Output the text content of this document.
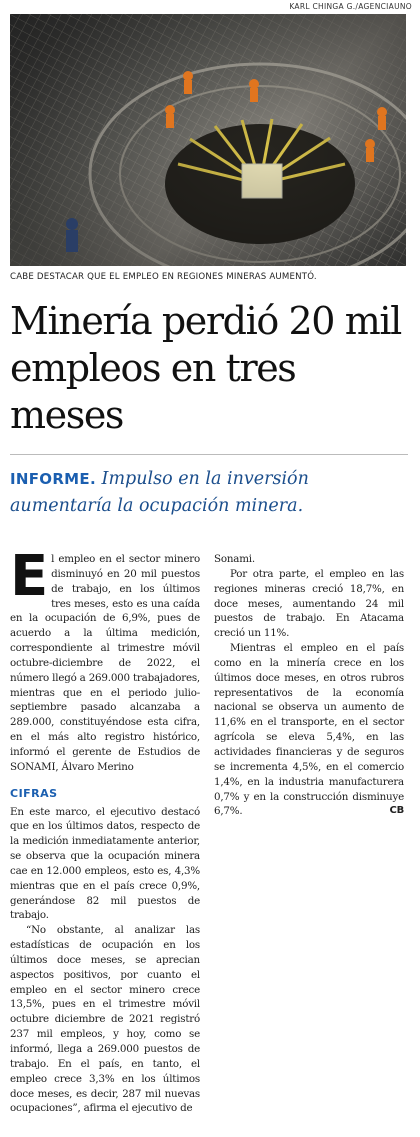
KARL CHINGA G./AGENCIAUNO
CABE DESTACAR QUE EL EMPLEO EN REGIONES MINERAS AUMENTÓ.
Minería perdió 20 mil empleos en tres meses
INFORME. Impulso en la inversión aumentaría la ocupación minera.

El empleo en el sector minero disminuyó en 20 mil puestos de trabajo, en los últimos tres meses, esto es una caída en la ocupación de 6,9%, pues de acuerdo a la última medición, correspondiente al trimestre móvil octubre-diciembre de 2022, el número llegó a 269.000 trabajadores, mientras que en el periodo julio-septiembre pasado alcanzaba a 289.000, constituyéndose esta cifra, en el más alto registro histórico, informó el gerente de Estudios de SONAMI, Álvaro Merino

CIFRAS

En este marco, el ejecutivo destacó que en los últimos datos, respecto de la medición inmediatamente anterior, se observa que la ocupación minera cae en 12.000 empleos, esto es, 4,3% mientras que en el país crece 0,9%, generándose 82 mil puestos de trabajo.

“No obstante, al analizar las estadísticas de ocupación en los últimos doce meses, se aprecian aspectos positivos, por cuanto el empleo en el sector minero crece 13,5%, pues en el trimestre móvil octubre diciembre de 2021 registró 237 mil empleos, y hoy, como se informó, llega a 269.000 puestos de trabajo. En el país, en tanto, el empleo crece 3,3% en los últimos doce meses, es decir, 287 mil nuevas ocupaciones”, afirma el ejecutivo de

Sonami.

Por otra parte, el empleo en las regiones mineras creció 18,7%, en doce meses, aumentando 24 mil puestos de trabajo. En Atacama creció un 11%.

Mientras el empleo en el país como en la minería crece en los últimos doce meses, en otros rubros representativos de la economía nacional se observa un aumento de 11,6% en el transporte, en el sector agrícola se eleva 5,4%, en las actividades financieras y de seguros se incrementa 4,5%, en el comercio 1,4%, en la industria manufacturera 0,7% y en la construcción disminuye 6,7%.	CB
